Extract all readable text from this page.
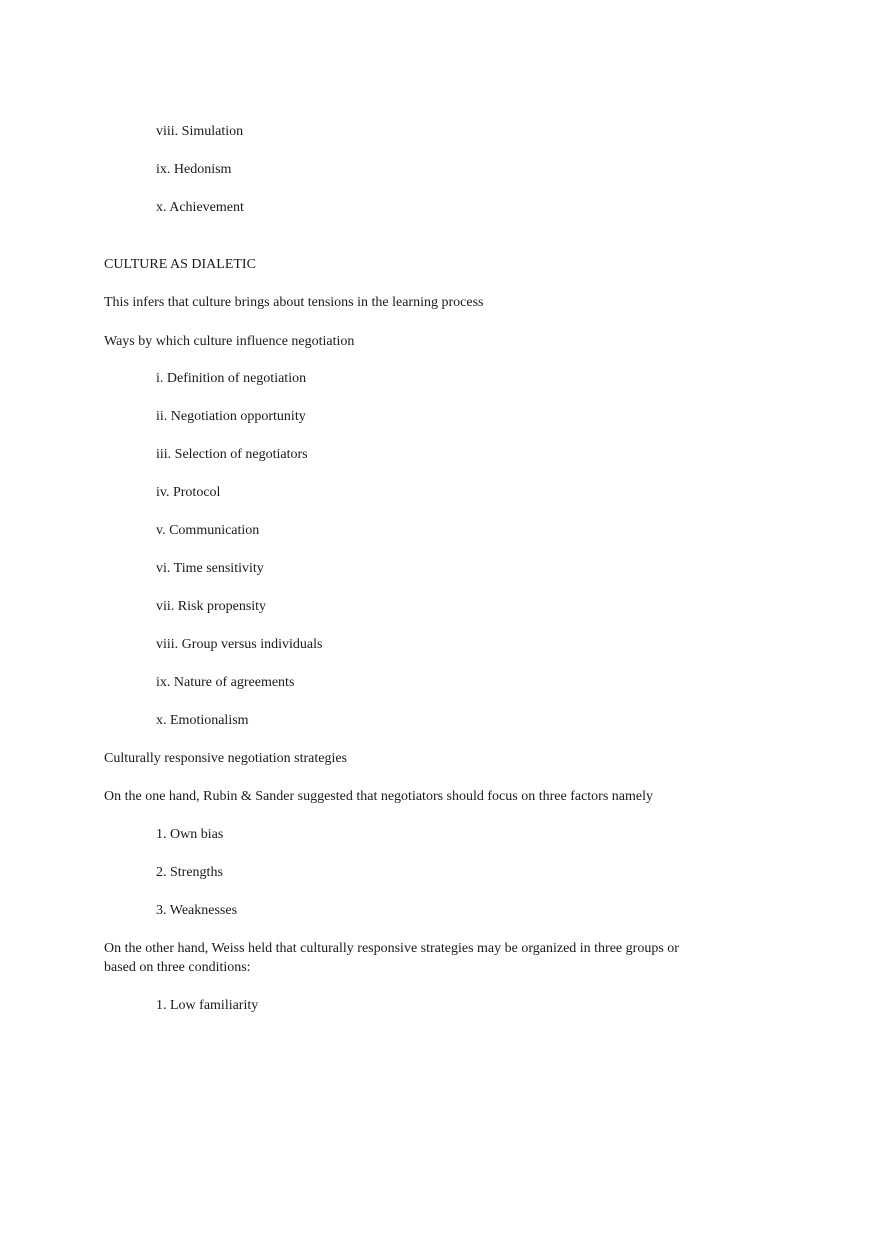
viii. Simulation
ix. Hedonism
x. Achievement
CULTURE AS DIALETIC
This infers that culture brings about tensions in the learning process
Ways by which culture influence negotiation
i. Definition of negotiation
ii. Negotiation opportunity
iii. Selection of negotiators
iv. Protocol
v. Communication
vi. Time sensitivity
vii. Risk propensity
viii. Group versus individuals
ix. Nature of agreements
x. Emotionalism
Culturally responsive negotiation strategies
On the one hand, Rubin & Sander suggested that negotiators should focus on three factors namely
1. Own bias
2. Strengths
3. Weaknesses
On the other hand, Weiss held that culturally responsive strategies may be organized in three groups or
based on three conditions:
1. Low familiarity
